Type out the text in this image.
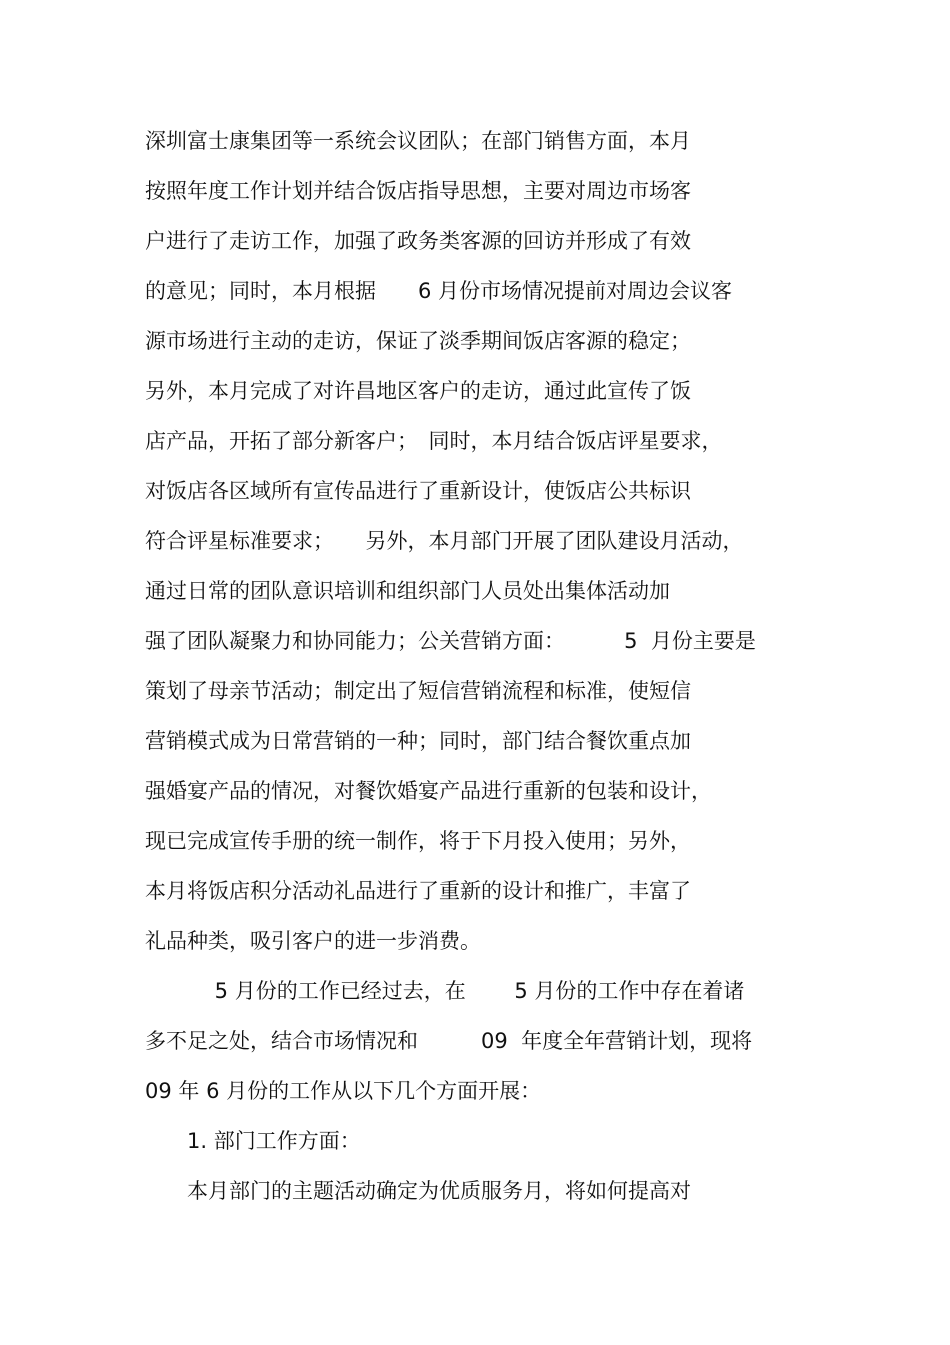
深圳富士康集团等一系统会议团队；在部门销售方面，本月
按照年度工作计划并结合饭店指导思想，主要对周边市场客
户进行了走访工作，加强了政务类客源的回访并形成了有效
的意见；同时，本月根据　　6 月份市场情况提前对周边会议客
源市场进行主动的走访，保证了淡季期间饭店客源的稳定；
另外，本月完成了对许昌地区客户的走访，通过此宣传了饭
店产品，开拓了部分新客户；　同时，本月结合饭店评星要求，
对饭店各区域所有宣传品进行了重新设计，使饭店公共标识
符合评星标准要求；　　另外，本月部门开展了团队建设月活动，
通过日常的团队意识培训和组织部门人员处出集体活动加
强了团队凝聚力和协同能力；公关营销方面：　　　 5  月份主要是
策划了母亲节活动；制定出了短信营销流程和标准，使短信
营销模式成为日常营销的一种；同时，部门结合餐饮重点加
强婚宴产品的情况，对餐饮婚宴产品进行重新的包装和设计，
现已完成宣传手册的统一制作，将于下月投入使用；另外，
本月将饭店积分活动礼品进行了重新的设计和推广，丰富了
礼品种类，吸引客户的进一步消费。
　　　 5 月份的工作已经过去，在　　 5 月份的工作中存在着诸
多不足之处，结合市场情况和　　　09  年度全年营销计划，现将
09 年 6 月份的工作从以下几个方面开展：
　　1. 部门工作方面：
　　本月部门的主题活动确定为优质服务月，将如何提高对
